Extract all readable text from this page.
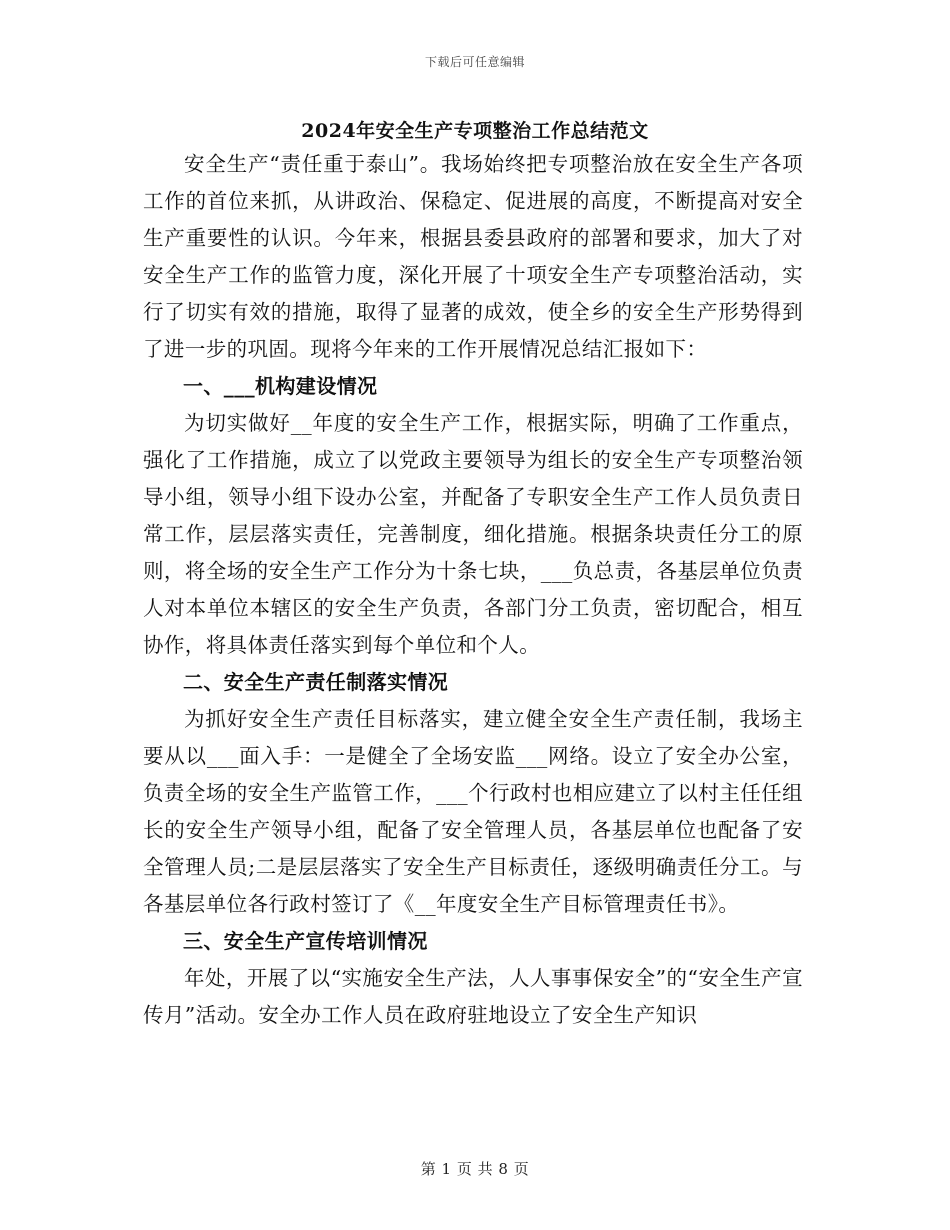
下载后可任意编辑
2024年安全生产专项整治工作总结范文

安全生产“责任重于泰山”。我场始终把专项整治放在安全生产各项工作的首位来抓，从讲政治、保稳定、促进展的高度，不断提高对安全生产重要性的认识。今年来，根据县委县政府的部署和要求，加大了对安全生产工作的监管力度，深化开展了十项安全生产专项整治活动，实行了切实有效的措施，取得了显著的成效，使全乡的安全生产形势得到了进一步的巩固。现将今年来的工作开展情况总结汇报如下：

一、___机构建设情况

为切实做好__年度的安全生产工作，根据实际，明确了工作重点，强化了工作措施，成立了以党政主要领导为组长的安全生产专项整治领导小组，领导小组下设办公室，并配备了专职安全生产工作人员负责日常工作，层层落实责任，完善制度，细化措施。根据条块责任分工的原则，将全场的安全生产工作分为十条七块，___负总责，各基层单位负责人对本单位本辖区的安全生产负责，各部门分工负责，密切配合，相互协作，将具体责任落实到每个单位和个人。

二、安全生产责任制落实情况

为抓好安全生产责任目标落实，建立健全安全生产责任制，我场主要从以___面入手：一是健全了全场安监___网络。设立了安全办公室，负责全场的安全生产监管工作，___个行政村也相应建立了以村主任任组长的安全生产领导小组，配备了安全管理人员，各基层单位也配备了安全管理人员;二是层层落实了安全生产目标责任，逐级明确责任分工。与各基层单位各行政村签订了《__年度安全生产目标管理责任书》。

三、安全生产宣传培训情况

年处，开展了以“实施安全生产法，人人事事保安全”的“安全生产宣传月”活动。安全办工作人员在政府驻地设立了安全生产知识

第 1 页 共 8 页
